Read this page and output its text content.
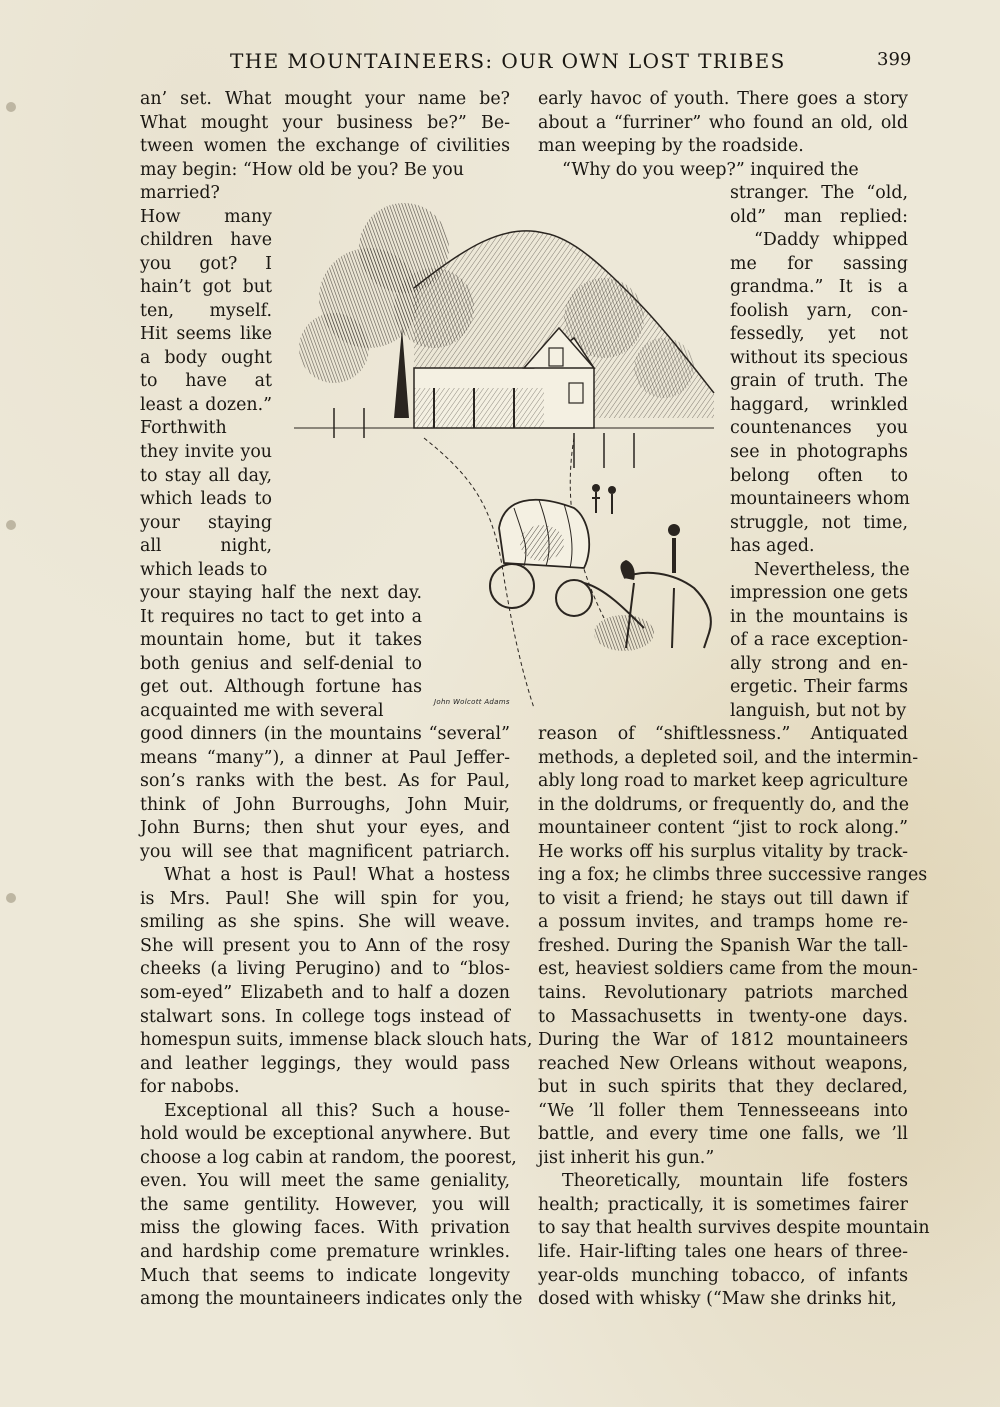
THE MOUNTAINEERS: OUR OWN LOST TRIBES	399
an’ set. What mought your name be?
What mought your business be?” Be-
tween women the exchange of civilities
may begin: “How old be you? Be you
married?
How many
children have
you got? I
hain’t got but
ten, myself.
Hit seems like
a body ought
to have at
least a dozen.”
Forthwith
they invite you
to stay all day,
which leads to
your staying
all night,
which leads to
your staying half the next day.
It requires no tact to get into a
mountain home, but it takes
both genius and self-denial to
get out. Although fortune has
acquainted me with several
good dinners (in the mountains “several”
means “many”), a dinner at Paul Jeffer-
son’s ranks with the best. As for Paul,
think of John Burroughs, John Muir,
John Burns; then shut your eyes, and
you will see that magnificent patriarch.
What a host is Paul! What a hostess
is Mrs. Paul! She will spin for you,
smiling as she spins. She will weave.
She will present you to Ann of the rosy
cheeks (a living Perugino) and to “blos-
som-eyed” Elizabeth and to half a dozen
stalwart sons. In college togs instead of
homespun suits, immense black slouch hats,
and leather leggings, they would pass
for nabobs.
Exceptional all this? Such a house-
hold would be exceptional anywhere. But
choose a log cabin at random, the poorest,
even. You will meet the same geniality,
the same gentility. However, you will
miss the glowing faces. With privation
and hardship come premature wrinkles.
Much that seems to indicate longevity
among the mountaineers indicates only the
early havoc of youth. There goes a story
about a “furriner” who found an old, old
man weeping by the roadside.
“Why do you weep?” inquired the
stranger. The “old,
old” man replied:
“Daddy whipped
me for sassing
grandma.” It is a
foolish yarn, con-
fessedly, yet not
without its specious
grain of truth. The
haggard, wrinkled
countenances you
see in photographs
belong often to
mountaineers whom
struggle, not time,
has aged.
Nevertheless, the
impression one gets
in the mountains is
of a race exception-
ally strong and en-
ergetic. Their farms
languish, but not by
reason of “shiftlessness.” Antiquated
methods, a depleted soil, and the intermin-
ably long road to market keep agriculture
in the doldrums, or frequently do, and the
mountaineer content “jist to rock along.”
He works off his surplus vitality by track-
ing a fox; he climbs three successive ranges
to visit a friend; he stays out till dawn if
a possum invites, and tramps home re-
freshed. During the Spanish War the tall-
est, heaviest soldiers came from the moun-
tains. Revolutionary patriots marched
to Massachusetts in twenty-one days.
During the War of 1812 mountaineers
reached New Orleans without weapons,
but in such spirits that they declared,
“We ’ll foller them Tennesseeans into
battle, and every time one falls, we ’ll
jist inherit his gun.”
Theoretically, mountain life fosters
health; practically, it is sometimes fairer
to say that health survives despite mountain
life. Hair-lifting tales one hears of three-
year-olds munching tobacco, of infants
dosed with whisky (“Maw she drinks hit,
John Wolcott Adams
